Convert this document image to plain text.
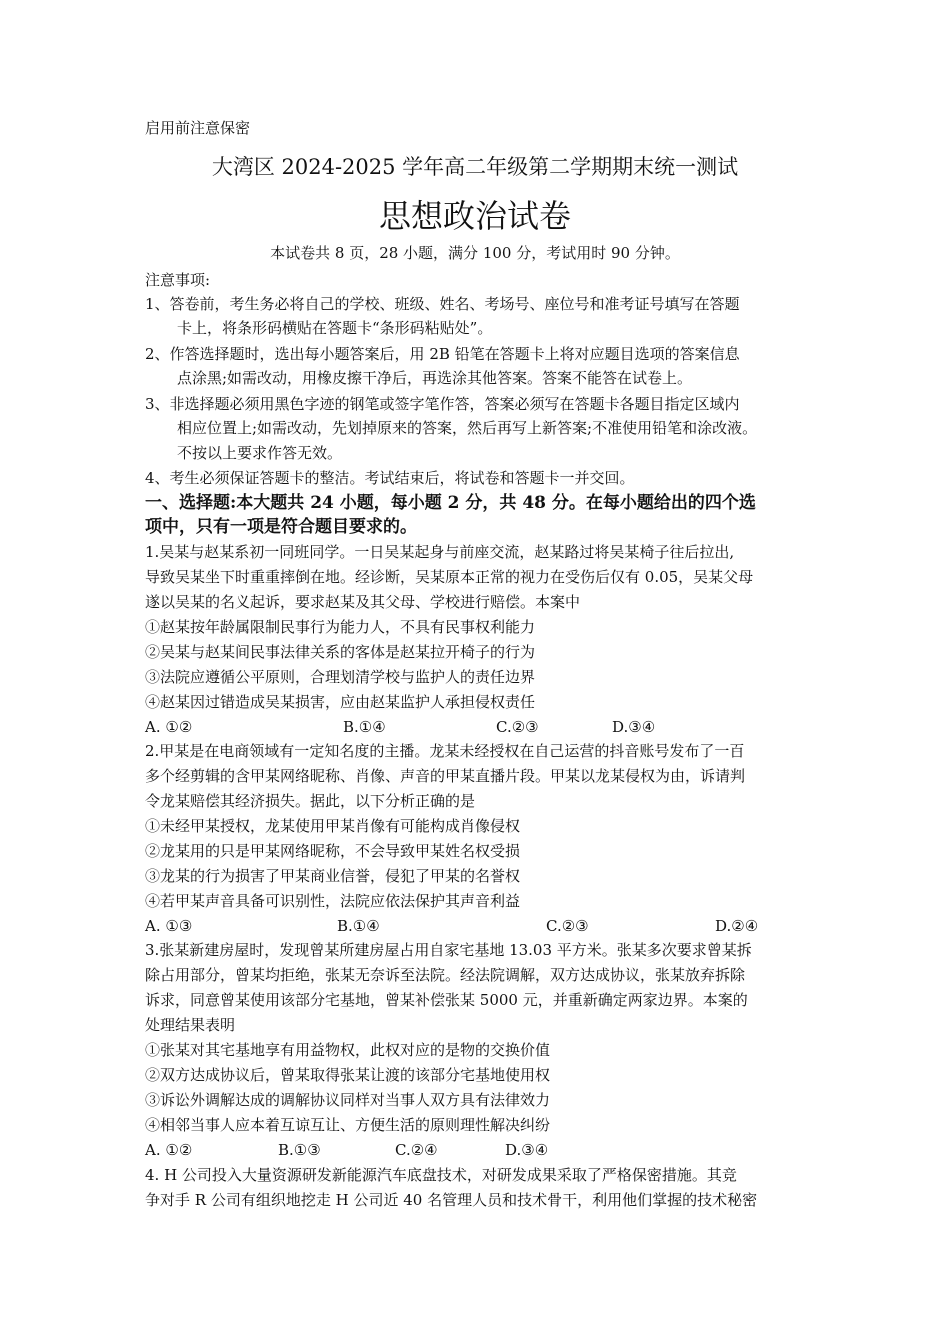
启用前注意保密

大湾区 2024-2025 学年高二年级第二学期期末统一测试

思想政治试卷

本试卷共 8 页，28 小题，满分 100 分，考试用时 90 分钟。

注意事项:

1、答卷前，考生务必将自己的学校、班级、姓名、考场号、座位号和准考证号填写在答题

卡上，将条形码横贴在答题卡“条形码粘贴处”。

2、作答选择题时，选出每小题答案后，用 2B 铅笔在答题卡上将对应题目选项的答案信息

点涂黑;如需改动，用橡皮擦干净后，再选涂其他答案。答案不能答在试卷上。

3、非选择题必须用黑色字迹的钢笔或签字笔作答，答案必须写在答题卡各题目指定区域内

相应位置上;如需改动，先划掉原来的答案，然后再写上新答案;不准使用铅笔和涂改液。

不按以上要求作答无效。

4、考生必须保证答题卡的整洁。考试结束后，将试卷和答题卡一并交回。

一、选择题:本大题共 24 小题，每小题 2 分，共 48 分。在每小题给出的四个选

项中，只有一项是符合题目要求的。

1.吴某与赵某系初一同班同学。一日吴某起身与前座交流，赵某路过将吴某椅子往后拉出,

导致吴某坐下时重重摔倒在地。经诊断，吴某原本正常的视力在受伤后仅有 0.05，吴某父母

遂以吴某的名义起诉，要求赵某及其父母、学校进行赔偿。本案中

①赵某按年龄属限制民事行为能力人，不具有民事权利能力

②吴某与赵某间民事法律关系的客体是赵某拉开椅子的行为

③法院应遵循公平原则，合理划清学校与监护人的责任边界

④赵某因过错造成吴某损害，应由赵某监护人承担侵权责任

A. ①②	B.①④	C.②③	D.③④

2.甲某是在电商领域有一定知名度的主播。龙某未经授权在自己运营的抖音账号发布了一百

多个经剪辑的含甲某网络昵称、肖像、声音的甲某直播片段。甲某以龙某侵权为由，诉请判

令龙某赔偿其经济损失。据此，以下分析正确的是

①未经甲某授权，龙某使用甲某肖像有可能构成肖像侵权

②龙某用的只是甲某网络昵称，不会导致甲某姓名权受损

③龙某的行为损害了甲某商业信誉，侵犯了甲某的名誉权

④若甲某声音具备可识别性，法院应依法保护其声音利益

A. ①③	B.①④	C.②③	D.②④

3.张某新建房屋时，发现曾某所建房屋占用自家宅基地 13.03 平方米。张某多次要求曾某拆

除占用部分，曾某均拒绝，张某无奈诉至法院。经法院调解，双方达成协议，张某放弃拆除

诉求，同意曾某使用该部分宅基地，曾某补偿张某 5000 元，并重新确定两家边界。本案的

处理结果表明

①张某对其宅基地享有用益物权，此权对应的是物的交换价值

②双方达成协议后，曾某取得张某让渡的该部分宅基地使用权

③诉讼外调解达成的调解协议同样对当事人双方具有法律效力

④相邻当事人应本着互谅互让、方便生活的原则理性解决纠纷

A. ①②	B.①③	C.②④	D.③④

4. H 公司投入大量资源研发新能源汽车底盘技术，对研发成果采取了严格保密措施。其竞

争对手 R 公司有组织地挖走 H 公司近 40 名管理人员和技术骨干，利用他们掌握的技术秘密
